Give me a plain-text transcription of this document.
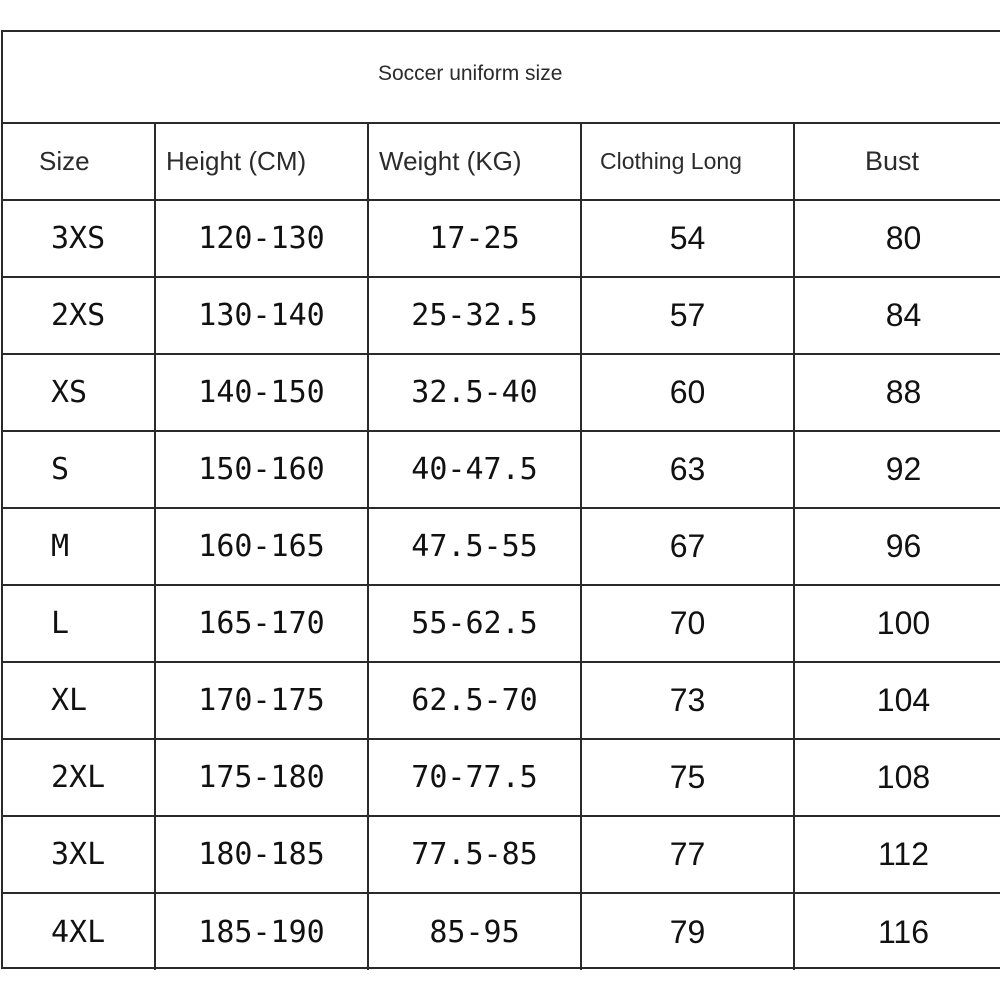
Soccer uniform size
Size	Height (CM)	Weight (KG)	Clothing Long	Bust
3XS	120-130	17-25	54	80
2XS	130-140	25-32.5	57	84
XS	140-150	32.5-40	60	88
S	150-160	40-47.5	63	92
M	160-165	47.5-55	67	96
L	165-170	55-62.5	70	100
XL	170-175	62.5-70	73	104
2XL	175-180	70-77.5	75	108
3XL	180-185	77.5-85	77	112
4XL	185-190	85-95	79	116
